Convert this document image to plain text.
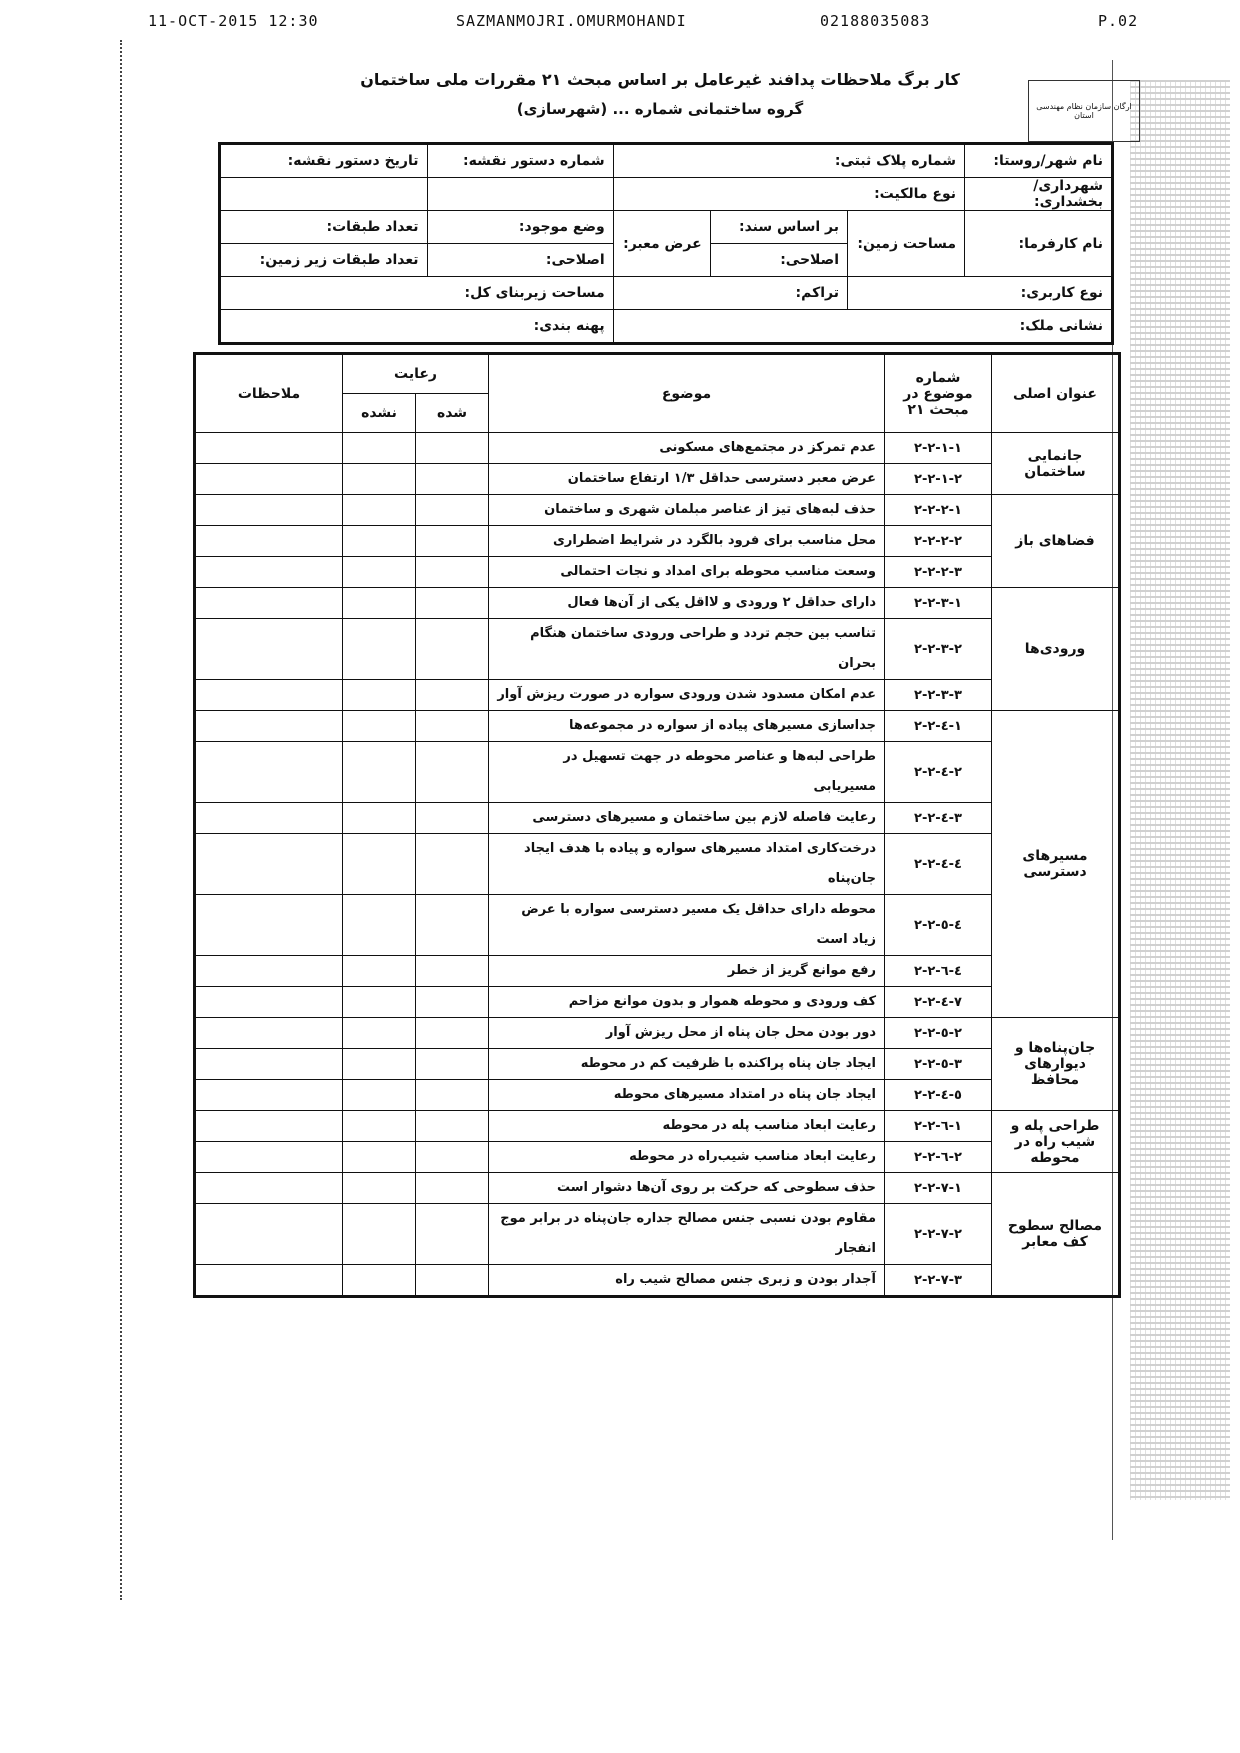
11-OCT-2015 12:30	SAZMANMOJRI.OMURMOHANDI	02188035083	P.02
ارگان سازمان نظام مهندسی استان
کار برگ ملاحظات پدافند غیرعامل بر اساس مبحث ۲۱ مقررات ملی ساختمان
گروه ساختمانی شماره ... (شهرسازی)
نام شهر/روستا:	شماره پلاک ثبتی:			شماره دستور نقشه:	تاریخ دستور نقشه:
شهرداری/بخشداری:	نوع مالکیت:				
نام کارفرما:	مساحت زمین:	بر اساس سند:	عرض معبر:	وضع موجود:	تعداد طبقات:
		اصلاحی:		اصلاحی:	تعداد طبقات زیر زمین:
نوع کاربری:		تراکم:		مساحت زیربنای کل:	
نشانی ملک:				پهنه بندی:	
عنوان اصلی	شماره موضوع در مبحث ۲۱	موضوع	رعایت		ملاحظات
			شده	نشده	
جانمایی ساختمان	۲-۲-۱-۱	عدم تمرکز در مجتمع‌های مسکونی			
	۲-۲-۱-۲	عرض معبر دسترسی حداقل ۱/۳ ارتفاع ساختمان			
فضاهای باز	۲-۲-۲-۱	حذف لبه‌های تیز از عناصر مبلمان شهری و ساختمان			
	۲-۲-۲-۲	محل مناسب برای فرود بالگرد در شرایط اضطراری			
	۲-۲-۲-۳	وسعت مناسب محوطه برای امداد و نجات احتمالی			
ورودی‌ها	۲-۲-۳-۱	دارای حداقل ۲ ورودی و لااقل یکی از آن‌ها فعال			
	۲-۲-۳-۲	تناسب بین حجم تردد و طراحی ورودی ساختمان هنگام بحران			
	۲-۲-۳-۳	عدم امکان مسدود شدن ورودی سواره در صورت ریزش آوار			
مسیرهای دسترسی	۲-۲-٤-۱	جداسازی مسیرهای پیاده از سواره در مجموعه‌ها			
	۲-۲-٤-۲	طراحی لبه‌ها و عناصر محوطه در جهت تسهیل در مسیریابی			
	۲-۲-٤-۳	رعایت فاصله لازم بین ساختمان و مسیرهای دسترسی			
	۲-۲-٤-٤	درخت‌کاری امتداد مسیرهای سواره و پیاده با هدف ایجاد جان‌پناه			
	۲-۲-٤-٥	محوطه دارای حداقل یک مسیر دسترسی سواره با عرض زیاد است			
	۲-۲-٤-٦	رفع موانع گریز از خطر			
	۲-۲-٤-۷	کف ورودی و محوطه هموار و بدون موانع مزاحم			
جان‌پناه‌ها و دیوارهای محافظ	۲-۲-٥-۲	دور بودن محل جان پناه از محل ریزش آوار			
	۲-۲-٥-۳	ایجاد جان پناه پراکنده با ظرفیت کم در محوطه			
	۲-۲-٥-٤	ایجاد جان پناه در امتداد مسیرهای محوطه			
طراحی پله و شیب راه در محوطه	۲-۲-٦-۱	رعایت ابعاد مناسب پله در محوطه			
	۲-۲-٦-۲	رعایت ابعاد مناسب شیب‌راه در محوطه			
مصالح سطوح کف معابر	۲-۲-۷-۱	حذف سطوحی که حرکت بر روی آن‌ها دشوار است			
	۲-۲-۷-۲	مقاوم بودن نسبی جنس مصالح جداره جان‌پناه در برابر موج انفجار			
	۲-۲-۷-۳	آجدار بودن و زبری جنس مصالح شیب راه			
